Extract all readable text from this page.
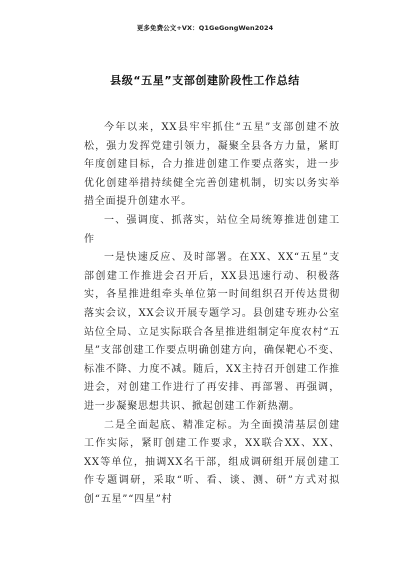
更多免费公文+VX：Q1GeGongWen2024
县级“五星”支部创建阶段性工作总结

今年以来，XX县牢牢抓住“五星”支部创建不放松，强力发挥党建引领力，凝聚全县各方力量，紧盯年度创建目标，合力推进创建工作要点落实，进一步优化创建举措持续健全完善创建机制，切实以务实举措全面提升创建水平。

一、强调度、抓落实，站位全局统筹推进创建工作

一是快速反应、及时部署。在XX、XX“五星”支部创建工作推进会召开后，XX县迅速行动、积极落实，各星推进组牵头单位第一时间组织召开传达贯彻落实会议，XX会议开展专题学习。县创建专班办公室站位全局、立足实际联合各星推进组制定年度农村“五星”支部创建工作要点明确创建方向，确保靶心不变、标准不降、力度不减。随后，XX主持召开创建工作推进会，对创建工作进行了再安排、再部署、再强调，进一步凝聚思想共识、掀起创建工作新热潮。

二是全面起底、精准定标。为全面摸清基层创建工作实际，紧盯创建工作要求，XX联合XX、XX、XX等单位，抽调XX名干部，组成调研组开展创建工作专题调研，采取“听、看、谈、测、研”方式对拟创“五星”“四星”村
